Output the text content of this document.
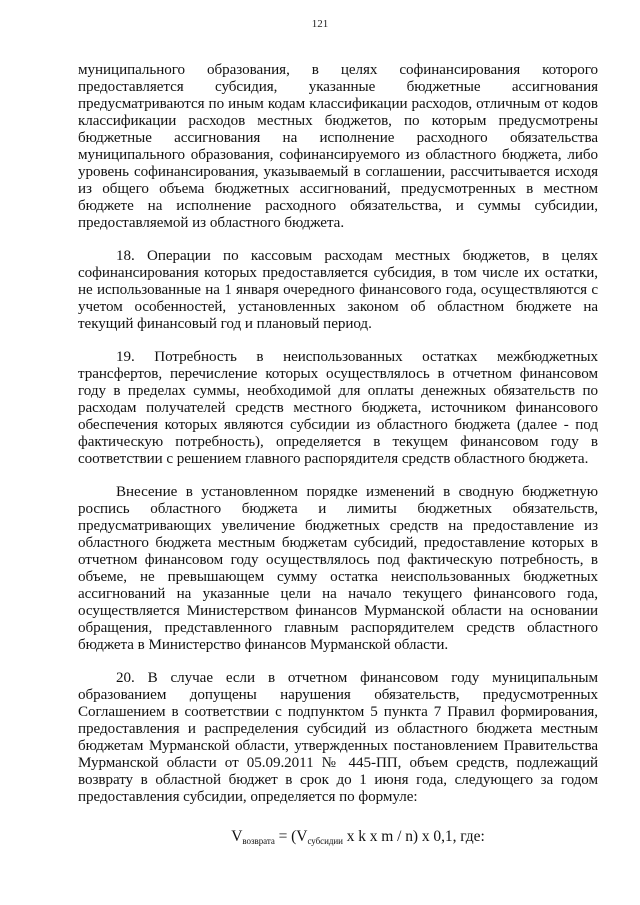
121

муниципального образования, в целях софинансирования которого предоставляется субсидия, указанные бюджетные ассигнования предусматриваются по иным кодам классификации расходов, отличным от кодов классификации расходов местных бюджетов, по которым предусмотрены бюджетные ассигнования на исполнение расходного обязательства муниципального образования, софинансируемого из областного бюджета, либо уровень софинансирования, указываемый в соглашении, рассчитывается исходя из общего объема бюджетных ассигнований, предусмотренных в местном бюджете на исполнение расходного обязательства, и суммы субсидии, предоставляемой из областного бюджета.

18. Операции по кассовым расходам местных бюджетов, в целях софинансирования которых предоставляется субсидия, в том числе их остатки, не использованные на 1 января очередного финансового года, осуществляются с учетом особенностей, установленных законом об областном бюджете на текущий финансовый год и плановый период.

19. Потребность в неиспользованных остатках межбюджетных трансфертов, перечисление которых осуществлялось в отчетном финансовом году в пределах суммы, необходимой для оплаты денежных обязательств по расходам получателей средств местного бюджета, источником финансового обеспечения которых являются субсидии из областного бюджета (далее - под фактическую потребность), определяется в текущем финансовом году в соответствии с решением главного распорядителя средств областного бюджета.

Внесение в установленном порядке изменений в сводную бюджетную роспись областного бюджета и лимиты бюджетных обязательств, предусматривающих увеличение бюджетных средств на предоставление из областного бюджета местным бюджетам субсидий, предоставление которых в отчетном финансовом году осуществлялось под фактическую потребность, в объеме, не превышающем сумму остатка неиспользованных бюджетных ассигнований на указанные цели на начало текущего финансового года, осуществляется Министерством финансов Мурманской области на основании обращения, представленного главным распорядителем средств областного бюджета в Министерство финансов Мурманской области.

20. В случае если в отчетном финансовом году муниципальным образованием допущены нарушения обязательств, предусмотренных Соглашением в соответствии с подпунктом 5 пункта 7 Правил формирования, предоставления и распределения субсидий из областного бюджета местным бюджетам Мурманской области, утвержденных постановлением Правительства Мурманской области от 05.09.2011 № 445-ПП, объем средств, подлежащий возврату в областной бюджет в срок до 1 июня года, следующего за годом предоставления субсидии, определяется по формуле:

$V_{возврата} = (V_{субсидии}$ x k x m / n) x 0,1, где:
